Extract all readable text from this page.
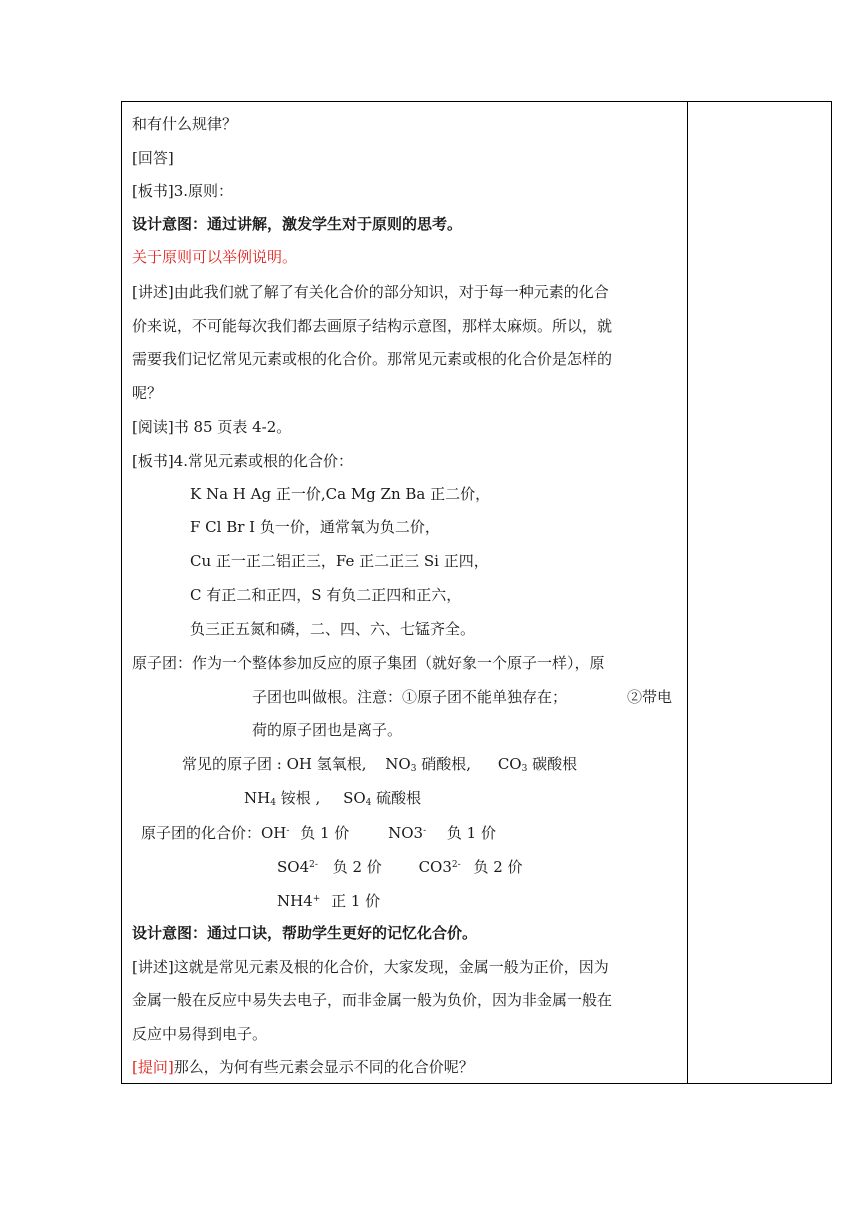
和有什么规律？
[回答]
[板书]3.原则：
设计意图：通过讲解，激发学生对于原则的思考。
关于原则可以举例说明。
[讲述]由此我们就了解了有关化合价的部分知识，对于每一种元素的化合
价来说，不可能每次我们都去画原子结构示意图，那样太麻烦。所以，就
需要我们记忆常见元素或根的化合价。那常见元素或根的化合价是怎样的
呢？
[阅读]书 85 页表 4-2。
[板书]4.常见元素或根的化合价：
K Na H Ag 正一价,Ca Mg Zn Ba 正二价，
F Cl Br I 负一价，通常氧为负二价，
Cu 正一正二铝正三，Fe 正二正三 Si 正四，
C 有正二和正四，S 有负二正四和正六，
负三正五氮和磷，二、四、六、七锰齐全。
原子团：作为一个整体参加反应的原子集团（就好象一个原子一样），原
子团也叫做根。注意：①原子团不能单独存在；	②带电
荷的原子团也是离子。
常见的原子团 : OH 氢氧根, $NO_3$ 硝酸根, $CO_3$ 碳酸根
$NH_4$ 铵根 , $SO_4$ 硫酸根
原子团的化合价：OH- 负 1 价	NO3- 负 1 价
$SO4^{2-}$ 负 2 价 $CO3^{2-}$ 负 2 价
NH4+ 正 1 价
设计意图：通过口诀，帮助学生更好的记忆化合价。
[讲述]这就是常见元素及根的化合价，大家发现，金属一般为正价，因为
金属一般在反应中易失去电子，而非金属一般为负价，因为非金属一般在
反应中易得到电子。
[提问]那么，为何有些元素会显示不同的化合价呢？
